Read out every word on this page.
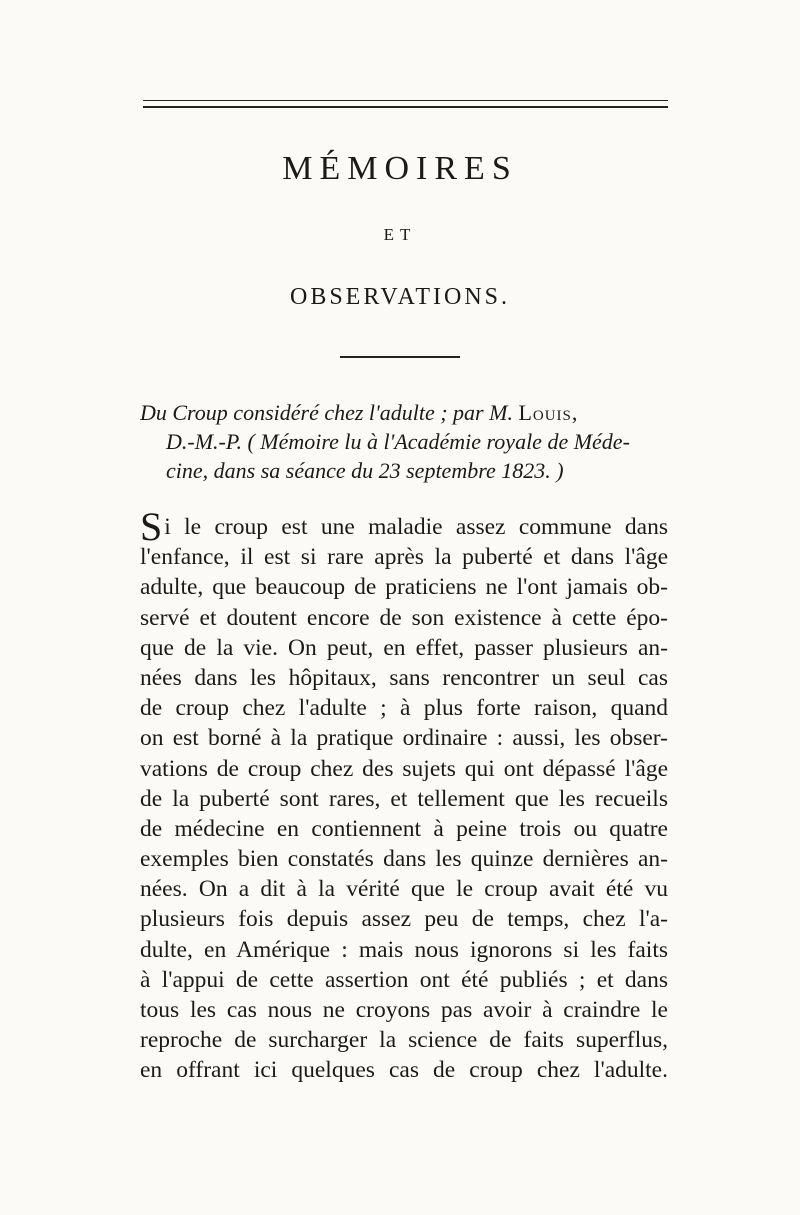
MÉMOIRES
ET
OBSERVATIONS.
Du Croup considéré chez l'adulte ; par M. Louis,
D.-M.-P. ( Mémoire lu à l'Académie royale de Méde-
cine, dans sa séance du 23 septembre 1823. )
Si le croup est une maladie assez commune dans
l'enfance, il est si rare après la puberté et dans l'âge
adulte, que beaucoup de praticiens ne l'ont jamais ob-
servé et doutent encore de son existence à cette épo-
que de la vie. On peut, en effet, passer plusieurs an-
nées dans les hôpitaux, sans rencontrer un seul cas
de croup chez l'adulte ; à plus forte raison, quand
on est borné à la pratique ordinaire : aussi, les obser-
vations de croup chez des sujets qui ont dépassé l'âge
de la puberté sont rares, et tellement que les recueils
de médecine en contiennent à peine trois ou quatre
exemples bien constatés dans les quinze dernières an-
nées. On a dit à la vérité que le croup avait été vu
plusieurs fois depuis assez peu de temps, chez l'a-
dulte, en Amérique : mais nous ignorons si les faits
à l'appui de cette assertion ont été publiés ; et dans
tous les cas nous ne croyons pas avoir à craindre le
reproche de surcharger la science de faits superflus,
en offrant ici quelques cas de croup chez l'adulte.
